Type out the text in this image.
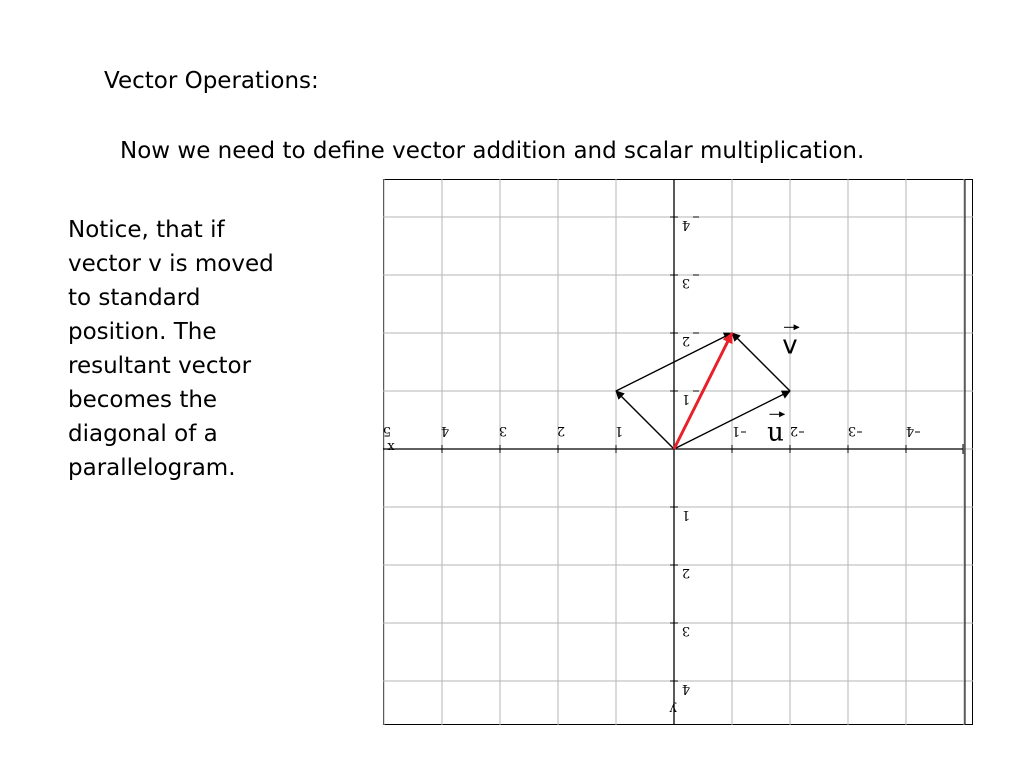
Vector Operations:
Now we need to define vector addition and scalar multiplication.
Notice, that if
vector v is moved
to standard
position. The
resultant vector
becomes the
diagonal of a
parallelogram.
5	4	3	2	1	1	2	3	4
4
3
2
1
1
2
3
4
x
y
v
u
